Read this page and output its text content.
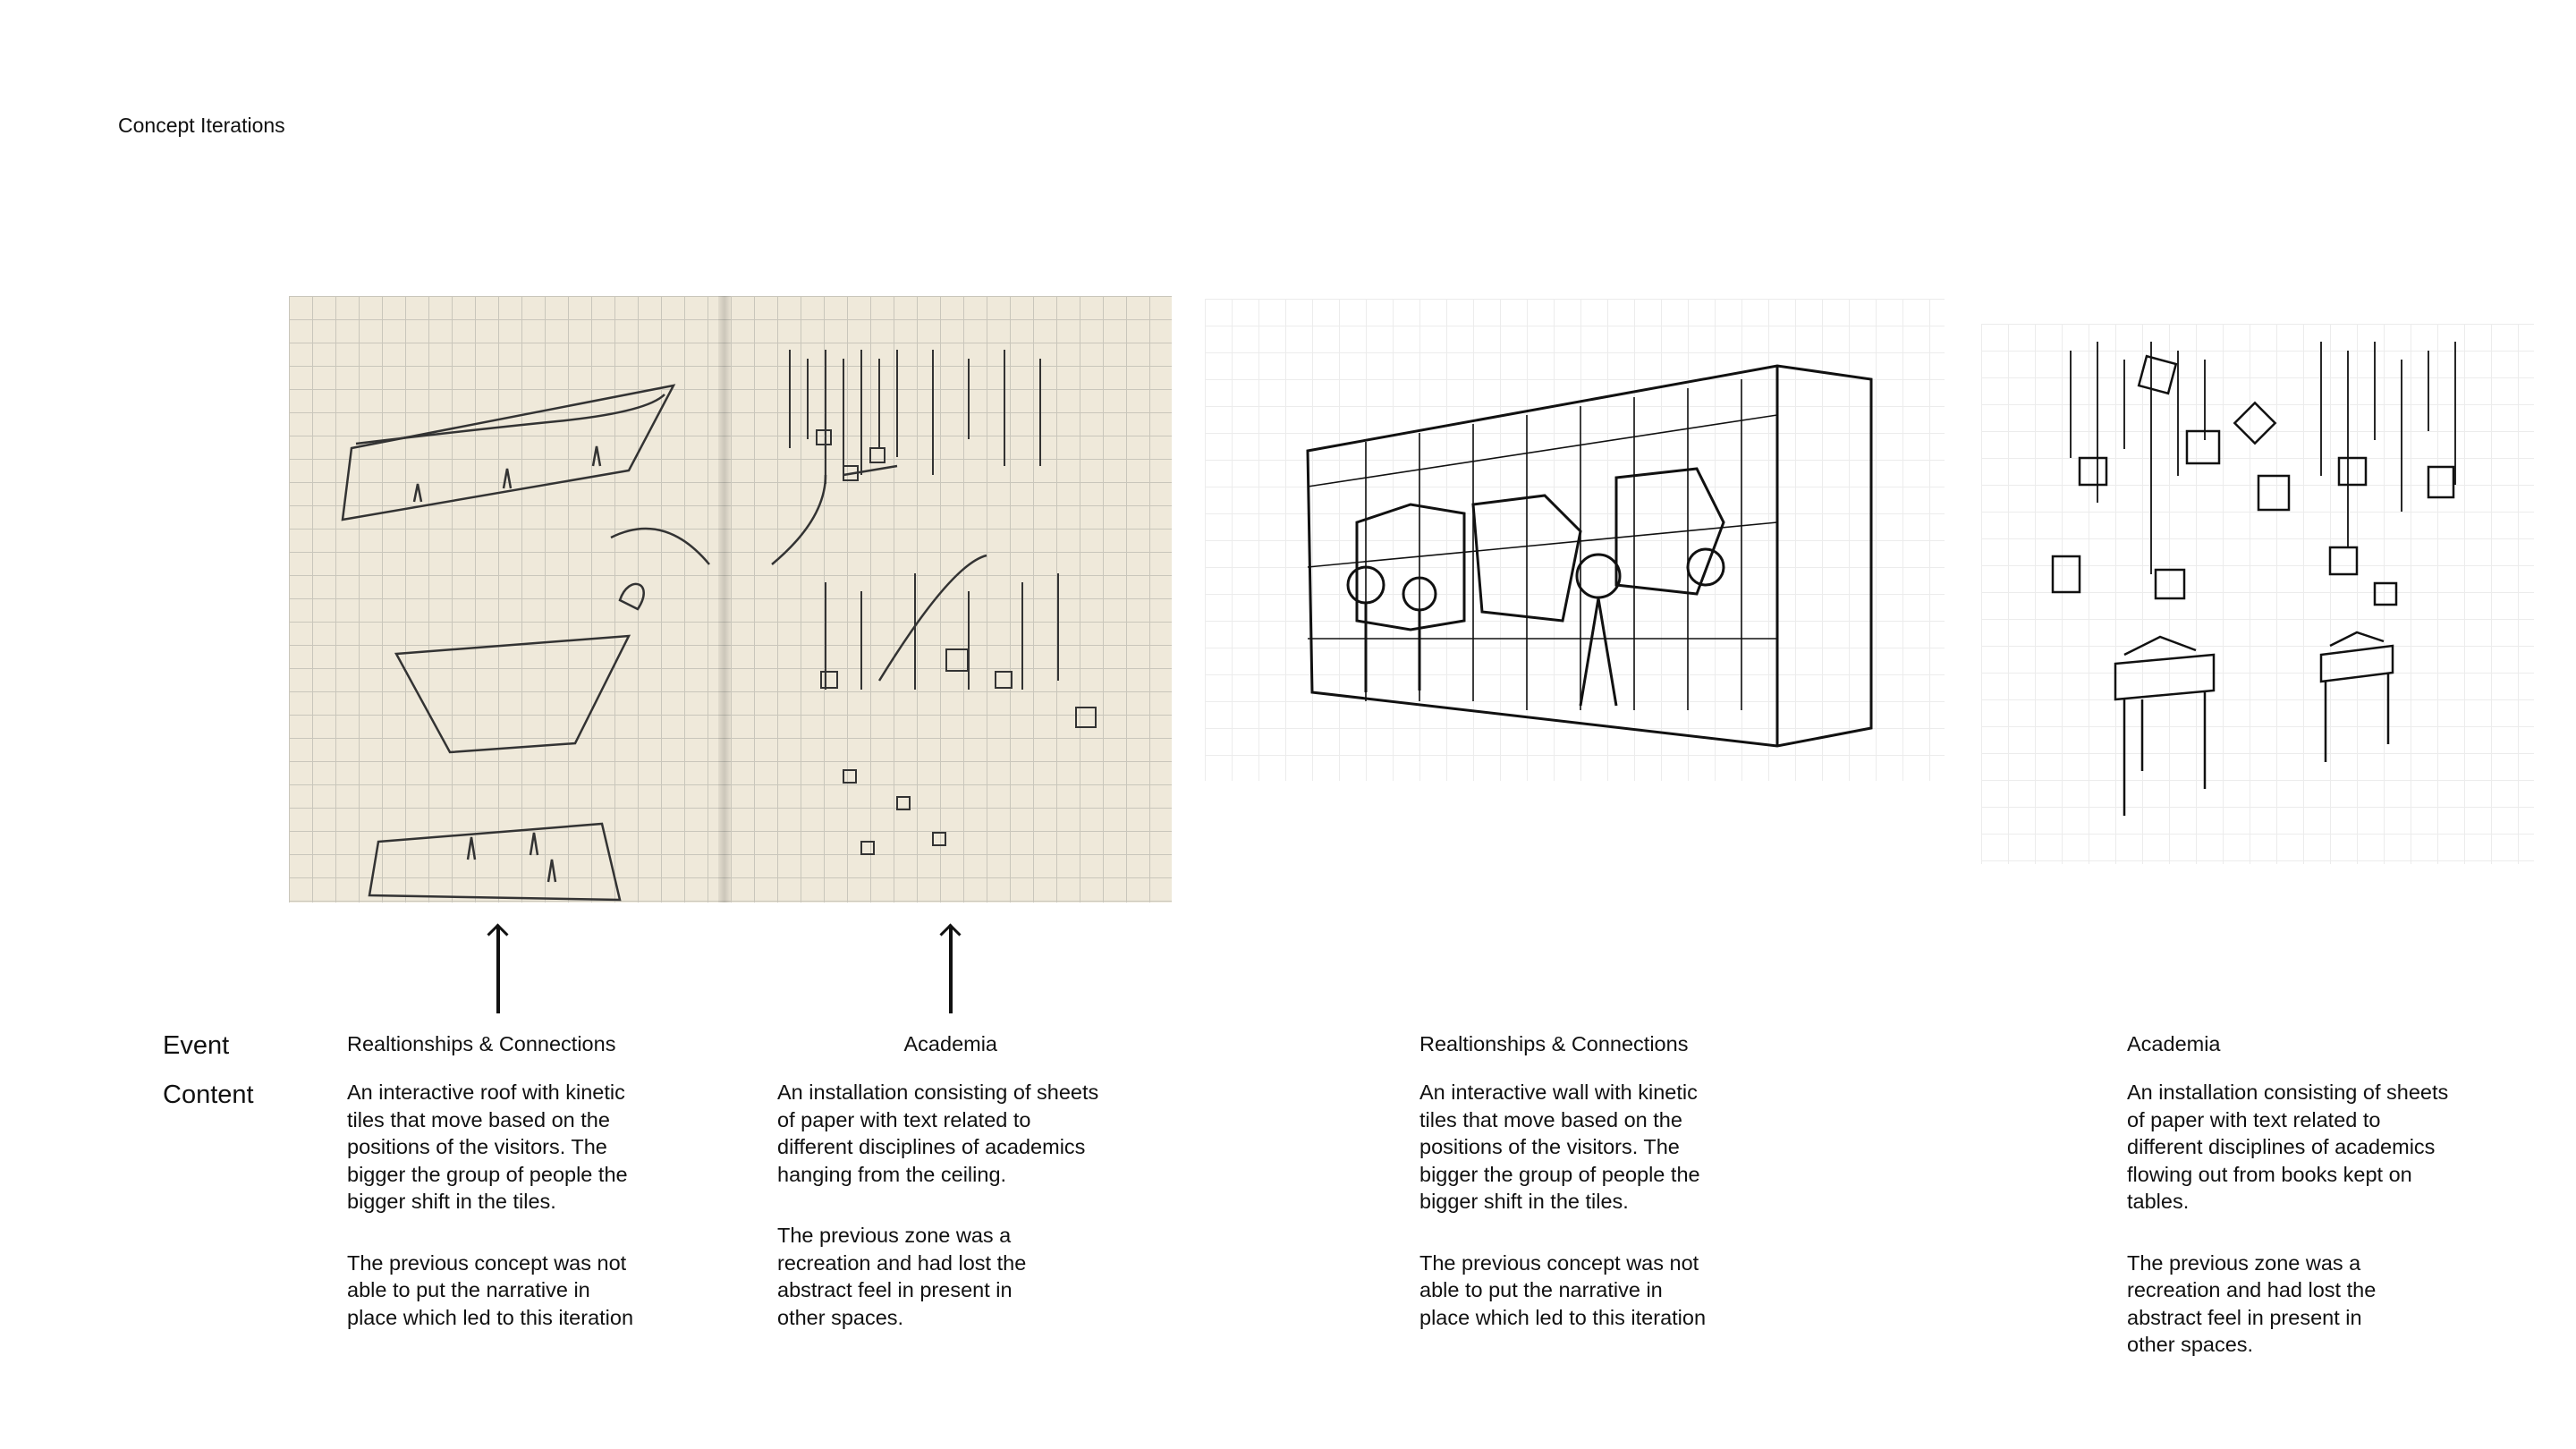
Concept Iterations
Event
Content
Realtionships & Connections
An interactive roof with kinetic
tiles that move based on the
positions of the visitors. The
bigger the group of people the
bigger shift in the tiles.
The previous concept was not
able to put the narrative in
place which led to this iteration
Academia
An installation consisting of sheets
of paper with text related to
different disciplines of academics
hanging from the ceiling.
The previous zone was a
recreation and had lost the
abstract feel in present in
other spaces.
Realtionships & Connections
An interactive wall with kinetic
tiles that move based on the
positions of the visitors. The
bigger the group of people the
bigger shift in the tiles.
The previous concept was not
able to put the narrative in
place which led to this iteration
Academia
An installation consisting of sheets
of paper with text related to
different disciplines of academics
flowing out from books kept on
tables.
The previous zone was a
recreation and had lost the
abstract feel in present in
other spaces.
